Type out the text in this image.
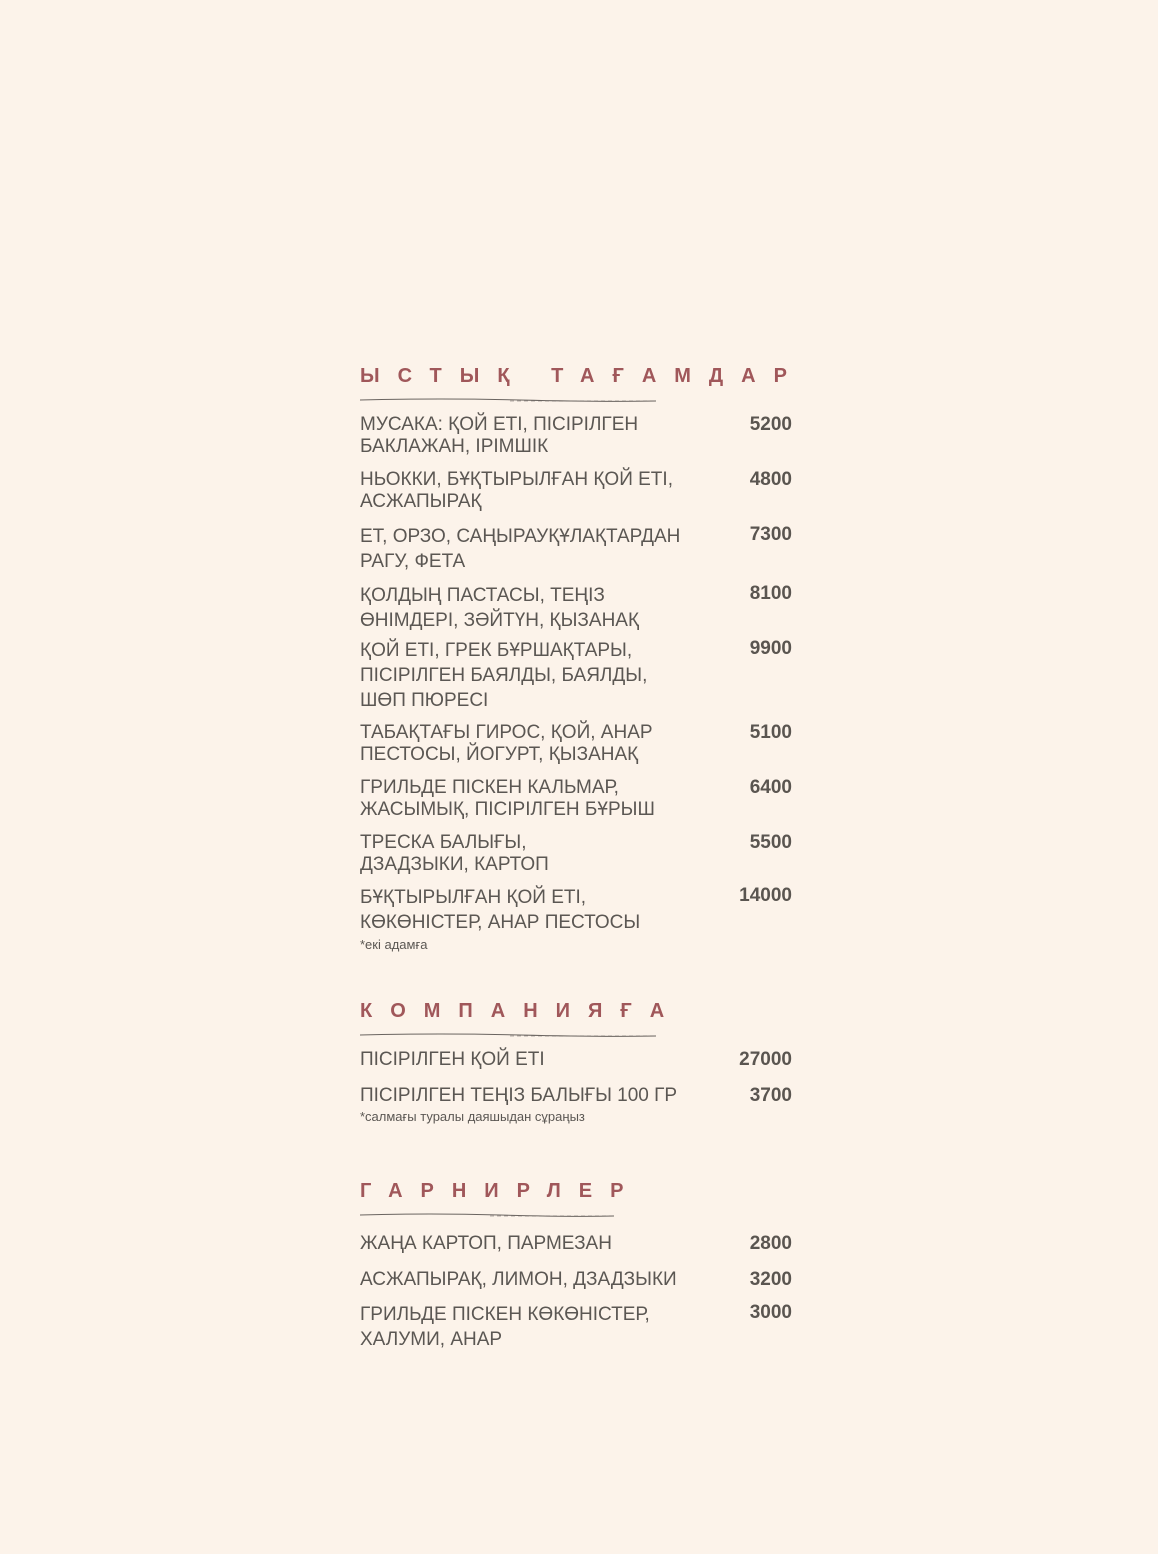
ЫСТЫҚ ТАҒАМДАР
МУСАКА: ҚОЙ ЕТІ, ПІСІРІЛГЕН БАКЛАЖАН, ІРІМШІК
5200
НЬОККИ, БҰҚТЫРЫЛҒАН ҚОЙ ЕТІ, АСЖАПЫРАҚ
4800
ЕТ, ОРЗО, САҢЫРАУҚҰЛАҚТАРДАН РАГУ, ФЕТА
7300
ҚОЛДЫҢ ПАСТАСЫ, ТЕҢІЗ ӨНІМДЕРІ, ЗӘЙТҮН, ҚЫЗАНАҚ
8100
ҚОЙ ЕТІ, ГРЕК БҰРШАҚТАРЫ, ПІСІРІЛГЕН БАЯЛДЫ, БАЯЛДЫ, ШӨП ПЮРЕСІ
9900
ТАБАҚТАҒЫ ГИРОС, ҚОЙ, АНАР ПЕСТОСЫ, ЙОГУРТ, ҚЫЗАНАҚ
5100
ГРИЛЬДЕ ПІСКЕН КАЛЬМАР, ЖАСЫМЫҚ, ПІСІРІЛГЕН БҰРЫШ
6400
ТРЕСКА БАЛЫҒЫ, ДЗАДЗЫКИ, КАРТОП
5500
БҰҚТЫРЫЛҒАН ҚОЙ ЕТІ, КӨКӨНІСТЕР, АНАР ПЕСТОСЫ
14000
*екі адамға
КОМПАНИЯҒА
ПІСІРІЛГЕН ҚОЙ ЕТІ	27000
ПІСІРІЛГЕН ТЕҢІЗ БАЛЫҒЫ 100 ГР	3700
*салмағы туралы даяшыдан сұраңыз
ГАРНИРЛЕР
ЖАҢА КАРТОП, ПАРМЕЗАН	2800
АСЖАПЫРАҚ, ЛИМОН, ДЗАДЗЫКИ	3200
ГРИЛЬДЕ ПІСКЕН КӨКӨНІСТЕР, ХАЛУМИ, АНАР
3000
